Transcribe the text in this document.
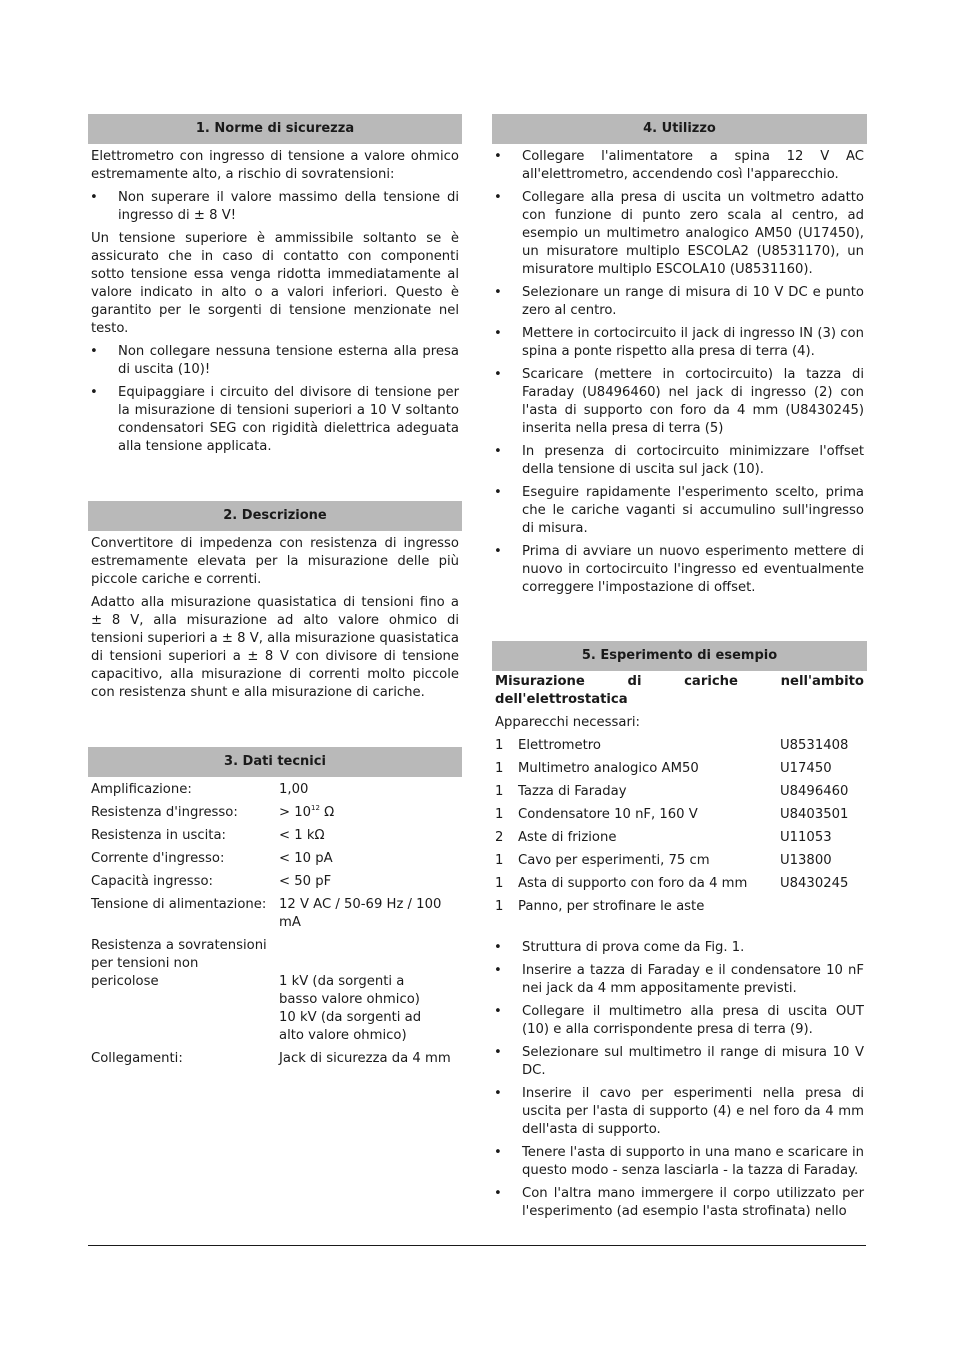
1. Norme di sicurezza
Elettrometro con ingresso di tensione a valore ohmico estremamente alto, a rischio di sovratensioni:
• Non superare il valore massimo della tensione di ingresso di ± 8 V!
Un tensione superiore è ammissibile soltanto se è assicurato che in caso di contatto con componenti sotto tensione essa venga ridotta immediatamente al valore indicato in alto o a valori inferiori. Questo è garantito per le sorgenti di tensione menzionate nel testo.
• Non collegare nessuna tensione esterna alla presa di uscita (10)!
• Equipaggiare i circuito del divisore di tensione per la misurazione di tensioni superiori a 10 V soltanto condensatori SEG con rigidità dielettrica adeguata alla tensione applicata.
2. Descrizione
Convertitore di impedenza con resistenza di ingresso estremamente elevata per la misurazione delle più piccole cariche e correnti.
Adatto alla misurazione quasistatica di tensioni fino a ± 8 V, alla misurazione ad alto valore ohmico di tensioni superiori a ± 8 V, alla misurazione quasistatica di tensioni superiori a ± 8 V con divisore di tensione capacitivo, alla misurazione di correnti molto piccole con resistenza shunt e alla misurazione di cariche.
3. Dati tecnici
Amplificazione:	1,00
Resistenza d'ingresso:	> $10^{12}$ Ω
Resistenza in uscita:	< 1 kΩ
Corrente d'ingresso:	< 10 pA
Capacità ingresso:	< 50 pF
Tensione di alimentazione: 12 V AC / 50-69 Hz / 100 mA
Resistenza a sovratensioni
per tensioni non
pericolose	1 kV (da sorgenti a
basso valore ohmico)
10 kV (da sorgenti ad
alto valore ohmico)
Collegamenti:	Jack di sicurezza da 4 mm
4. Utilizzo
• Collegare l'alimentatore a spina 12 V AC all'elettrometro, accendendo così l'apparecchio.
• Collegare alla presa di uscita un voltmetro adatto con funzione di punto zero scala al centro, ad esempio un multimetro analogico AM50 (U17450), un misuratore multiplo ESCOLA2 (U8531170), un misuratore multiplo ESCOLA10 (U8531160).
• Selezionare un range di misura di 10 V DC e punto zero al centro.
• Mettere in cortocircuito il jack di ingresso IN (3) con spina a ponte rispetto alla presa di terra (4).
• Scaricare (mettere in cortocircuito) la tazza di Faraday (U8496460) nel jack di ingresso (2) con l'asta di supporto con foro da 4 mm (U8430245) inserita nella presa di terra (5)
• In presenza di cortocircuito minimizzare l'offset della tensione di uscita sul jack (10).
• Eseguire rapidamente l'esperimento scelto, prima che le cariche vaganti si accumulino sull'ingresso di misura.
• Prima di avviare un nuovo esperimento mettere di nuovo in cortocircuito l'ingresso ed eventualmente correggere l'impostazione di offset.
5. Esperimento di esempio
Misurazione di cariche nell'ambito dell'elettrostatica
Apparecchi necessari:
1	Elettrometro	U8531408
1	Multimetro analogico AM50	U17450
1	Tazza di Faraday	U8496460
1	Condensatore 10 nF, 160 V	U8403501
2	Aste di frizione	U11053
1	Cavo per esperimenti, 75 cm	U13800
1	Asta di supporto con foro da 4 mm	U8430245
1	Panno, per strofinare le aste
• Struttura di prova come da Fig. 1.
• Inserire a tazza di Faraday e il condensatore 10 nF nei jack da 4 mm appositamente previsti.
• Collegare il multimetro alla presa di uscita OUT (10) e alla corrispondente presa di terra (9).
• Selezionare sul multimetro il range di misura 10 V DC.
• Inserire il cavo per esperimenti nella presa di uscita per l'asta di supporto (4) e nel foro da 4 mm dell'asta di supporto.
• Tenere l'asta di supporto in una mano e scaricare in questo modo - senza lasciarla - la tazza di Faraday.
• Con l'altra mano immergere il corpo utilizzato per l'esperimento (ad esempio l'asta strofinata) nello
